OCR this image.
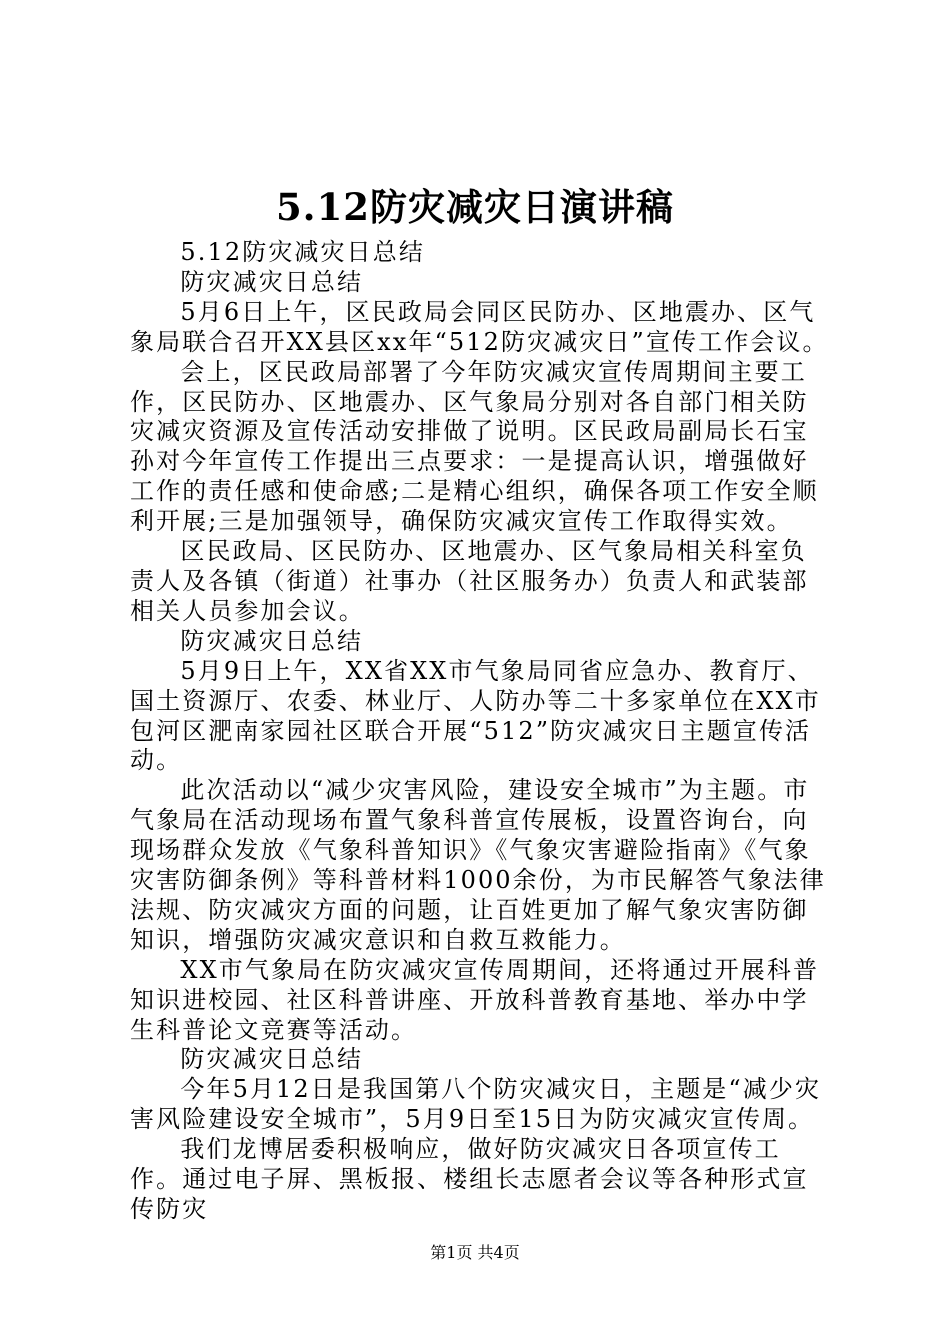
5.12防灾减灾日演讲稿

5.12防灾减灾日总结

防灾减灾日总结

5月6日上午，区民政局会同区民防办、区地震办、区气象局联合召开XX县区xx年“512防灾减灾日”宣传工作会议。

会上，区民政局部署了今年防灾减灾宣传周期间主要工作，区民防办、区地震办、区气象局分别对各自部门相关防灾减灾资源及宣传活动安排做了说明。区民政局副局长石宝孙对今年宣传工作提出三点要求：一是提高认识，增强做好工作的责任感和使命感;二是精心组织，确保各项工作安全顺利开展;三是加强领导，确保防灾减灾宣传工作取得实效。

区民政局、区民防办、区地震办、区气象局相关科室负责人及各镇（街道）社事办（社区服务办）负责人和武装部相关人员参加会议。

防灾减灾日总结

5月9日上午，XX省XX市气象局同省应急办、教育厅、国土资源厅、农委、林业厅、人防办等二十多家单位在XX市包河区淝南家园社区联合开展“512”防灾减灾日主题宣传活动。

此次活动以“减少灾害风险，建设安全城市”为主题。市气象局在活动现场布置气象科普宣传展板，设置咨询台，向现场群众发放《气象科普知识》《气象灾害避险指南》《气象灾害防御条例》等科普材料1000余份，为市民解答气象法律法规、防灾减灾方面的问题，让百姓更加了解气象灾害防御知识，增强防灾减灾意识和自救互救能力。

XX市气象局在防灾减灾宣传周期间，还将通过开展科普知识进校园、社区科普讲座、开放科普教育基地、举办中学生科普论文竞赛等活动。

防灾减灾日总结

今年5月12日是我国第八个防灾减灾日，主题是“减少灾害风险建设安全城市”，5月9日至15日为防灾减灾宣传周。

我们龙博居委积极响应，做好防灾减灾日各项宣传工作。通过电子屏、黑板报、楼组长志愿者会议等各种形式宣传防灾

第1页 共4页
